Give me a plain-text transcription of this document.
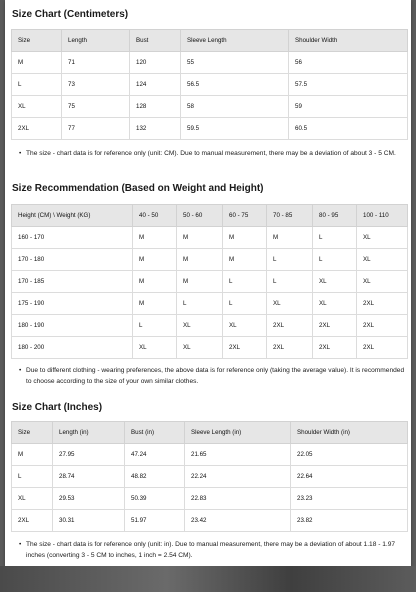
Size Chart (Centimeters)
Size	Length	Bust	Sleeve Length	Shoulder Width
M	71	120	55	56
L	73	124	56.5	57.5
XL	75	128	58	59
2XL	77	132	59.5	60.5
• The size - chart data is for reference only (unit: CM). Due to manual measurement, there may be a deviation of about 3 - 5 CM.
Size Recommendation (Based on Weight and Height)
Height (CM) \ Weight (KG)	40 - 50	50 - 60	60 - 75	70 - 85	80 - 95	100 - 110
160 - 170	M	M	M	M	L	XL
170 - 180	M	M	M	L	L	XL
170 - 185	M	M	L	L	XL	XL
175 - 190	M	L	L	XL	XL	2XL
180 - 190	L	XL	XL	2XL	2XL	2XL
180 - 200	XL	XL	2XL	2XL	2XL	2XL
• Due to different clothing - wearing preferences, the above data is for reference only (taking the average value). It is recommended to choose according to the size of your own similar clothes.
Size Chart (Inches)
Size	Length (in)	Bust (in)	Sleeve Length (in)	Shoulder Width (in)
M	27.95	47.24	21.65	22.05
L	28.74	48.82	22.24	22.64
XL	29.53	50.39	22.83	23.23
2XL	30.31	51.97	23.42	23.82
• The size - chart data is for reference only (unit: in). Due to manual measurement, there may be a deviation of about 1.18 - 1.97 inches (converting 3 - 5 CM to inches, 1 inch = 2.54 CM).
